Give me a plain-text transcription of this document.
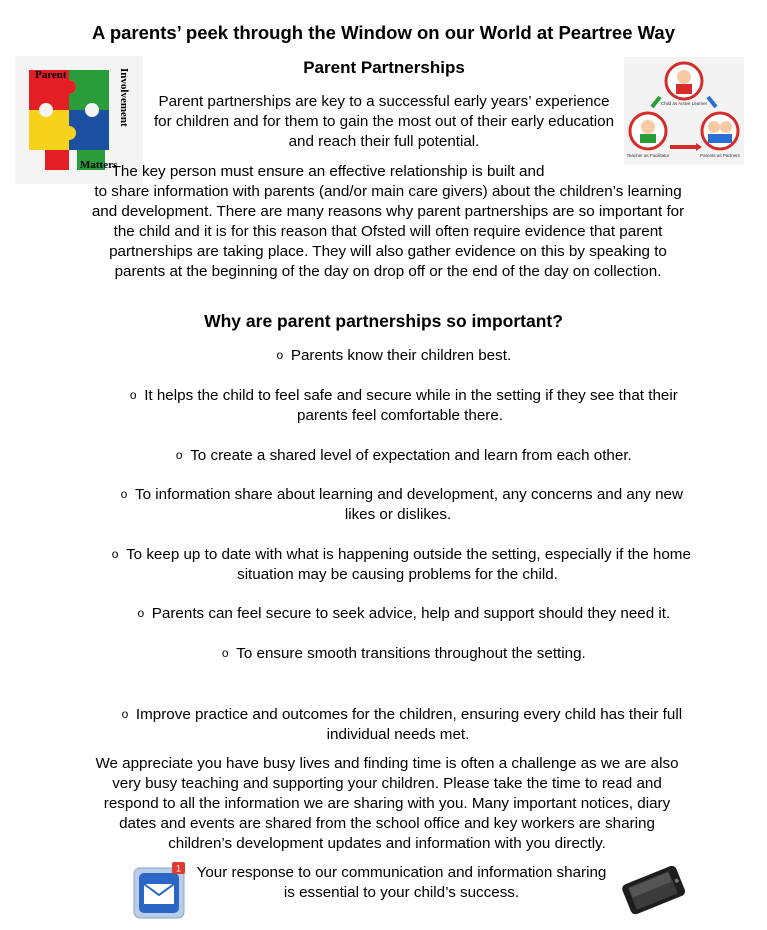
A parents’ peek through the Window on our World at Peartree Way
Parent
Matters
Involvement
Parent Partnerships
Child as Active Learner
Teacher as Facilitator	Parents as Partners
Parent partnerships are key to a successful early years’ experience for children and for them to gain the most out of their early education and reach their full potential.
The key person must ensure an effective relationship is built and
to share information with parents (and/or main care givers) about the children’s learning and development. There are many reasons why parent partnerships are so important for the child and it is for this reason that Ofsted will often require evidence that parent partnerships are taking place. They will also gather evidence on this by speaking to parents at the beginning of the day on drop off or the end of the day on collection.
Why are parent partnerships so important?
o Parents know their children best.
o It helps the child to feel safe and secure while in the setting if they see that their parents feel comfortable there.
o To create a shared level of expectation and learn from each other.
o To information share about learning and development, any concerns and any new likes or dislikes.
o To keep up to date with what is happening outside the setting, especially if the home situation may be causing problems for the child.
o Parents can feel secure to seek advice, help and support should they need it.
o To ensure smooth transitions throughout the setting.
o Improve practice and outcomes for the children, ensuring every child has their full individual needs met.
We appreciate you have busy lives and finding time is often a challenge as we are also very busy teaching and supporting your children. Please take the time to read and respond to all the information we are sharing with you. Many important notices, diary dates and events are shared from the school office and key workers are sharing children’s development updates and information with you directly.
1 Your response to our communication and information sharing is essential to your child’s success.
